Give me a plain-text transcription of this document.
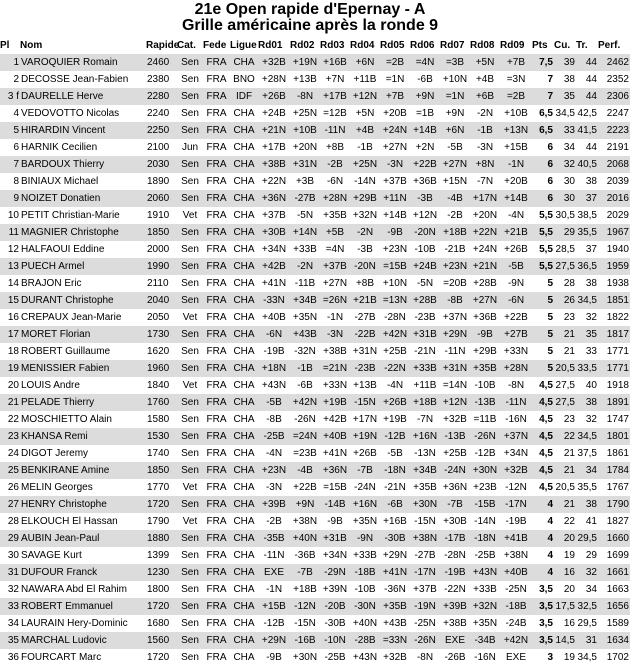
21e Open rapide d'Epernay - A
Grille américaine après la ronde 9
Pl	Nom	Rapide	Cat.	Fede	Ligue	Rd01	Rd02	Rd03	Rd04	Rd05	Rd06	Rd07	Rd08	Rd09	Pts	Cu.	Tr.	Perf.
1	VAROQUIER Romain	2460	Sen	FRA	CHA	+32B	+19N	+16B	+6N	=2B	=4N	=3B	+5N	+7B	7,5	39	44	2462
2	DECOSSE Jean-Fabien	2380	Sen	FRA	BNO	+28N	+13B	+7N	+11B	=1N	-6B	+10N	+4B	=3N	7	38	44	2352
3 f	DAURELLE Herve	2280	Sen	FRA	IDF	+26B	-8N	+17B	+12N	+7B	+9N	=1N	+6B	=2B	7	35	44	2306
4	VEDOVOTTO Nicolas	2240	Sen	FRA	CHA	+24B	+25N	=12B	+5N	+20B	=1B	+9N	-2N	+10B	6,5	34,5	42,5	2247
5	HIRARDIN Vincent	2250	Sen	FRA	CHA	+21N	+10B	-11N	+4B	+24N	+14B	+6N	-1B	+13N	6,5	33	41,5	2223
6	HARNIK Cecilien	2100	Jun	FRA	CHA	+17B	+20N	+8B	-1B	+27N	+2N	-5B	-3N	+15B	6	34	44	2191
7	BARDOUX Thierry	2030	Sen	FRA	CHA	+38B	+31N	-2B	+25N	-3N	+22B	+27N	+8N	-1N	6	32	40,5	2068
8	BINIAUX Michael	1890	Sen	FRA	CHA	+22N	+3B	-6N	-14N	+37B	+36B	+15N	-7N	+20B	6	30	38	2039
9	NOIZET Donatien	2060	Sen	FRA	CHA	+36N	-27B	+28N	+29B	+11N	-3B	-4B	+17N	+14B	6	30	37	2016
10	PETIT Christian-Marie	1910	Vet	FRA	CHA	+37B	-5N	+35B	+32N	+14B	+12N	-2B	+20N	-4N	5,5	30,5	38,5	2029
11	MAGNIER Christophe	1850	Sen	FRA	CHA	+30B	+14N	+5B	-2N	-9B	-20N	+18B	+22N	+21B	5,5	29	35,5	1967
12	HALFAOUI Eddine	2000	Sen	FRA	CHA	+34N	+33B	=4N	-3B	+23N	-10B	-21B	+24N	+26B	5,5	28,5	37	1940
13	PUECH Armel	1990	Sen	FRA	CHA	+42B	-2N	+37B	-20N	=15B	+24B	+23N	+21N	-5B	5,5	27,5	36,5	1959
14	BRAJON Eric	2110	Sen	FRA	CHA	+41N	-11B	+27N	+8B	+10N	-5N	=20B	+28B	-9N	5	28	38	1938
15	DURANT Christophe	2040	Sen	FRA	CHA	-33N	+34B	=26N	+21B	=13N	+28B	-8B	+27N	-6N	5	26	34,5	1851
16	CREPAUX Jean-Marie	2050	Vet	FRA	CHA	+40B	+35N	-1N	-27B	-28N	-23B	+37N	+36B	+22B	5	23	32	1822
17	MORET Florian	1730	Sen	FRA	CHA	-6N	+43B	-3N	-22B	+42N	+31B	+29N	-9B	+27B	5	21	35	1817
18	ROBERT Guillaume	1620	Sen	FRA	CHA	-19B	-32N	+38B	+31N	+25B	-21N	-11N	+29B	+33N	5	21	33	1771
19	MENISSIER Fabien	1960	Sen	FRA	CHA	+18N	-1B	=21N	-23B	-22N	+33B	+31N	+35B	+28N	5	20,5	33,5	1771
20	LOUIS Andre	1840	Vet	FRA	CHA	+43N	-6B	+33N	+13B	-4N	+11B	=14N	-10B	-8N	4,5	27,5	40	1918
21	PELADE Thierry	1760	Sen	FRA	CHA	-5B	+42N	+19B	-15N	+26B	+18B	+12N	-13B	-11N	4,5	27,5	38	1891
22	MOSCHIETTO Alain	1580	Sen	FRA	CHA	-8B	-26N	+42B	+17N	+19B	-7N	+32B	=11B	-16N	4,5	23	32	1747
23	KHANSA Remi	1530	Sen	FRA	CHA	-25B	=24N	+40B	+19N	-12B	+16N	-13B	-26N	+37N	4,5	22	34,5	1801
24	DIGOT Jeremy	1740	Sen	FRA	CHA	-4N	=23B	+41N	+26B	-5B	-13N	+25B	-12B	+34N	4,5	21	37,5	1861
25	BENKIRANE Amine	1850	Sen	FRA	CHA	+23N	-4B	+36N	-7B	-18N	+34B	-24N	+30N	+32B	4,5	21	34	1784
26	MELIN Georges	1770	Vet	FRA	CHA	-3N	+22B	=15B	-24N	-21N	+35B	+36N	+23B	-12N	4,5	20,5	35,5	1767
27	HENRY Christophe	1720	Sen	FRA	CHA	+39B	+9N	-14B	+16N	-6B	+30N	-7B	-15B	-17N	4	21	38	1790
28	ELKOUCH El Hassan	1790	Vet	FRA	CHA	-2B	+38N	-9B	+35N	+16B	-15N	+30B	-14N	-19B	4	22	41	1827
29	AUBIN Jean-Paul	1880	Sen	FRA	CHA	-35B	+40N	+31B	-9N	-30B	+38N	-17B	-18N	+41B	4	20	29,5	1660
30	SAVAGE Kurt	1399	Sen	FRA	CHA	-11N	-36B	+34N	+33B	+29N	-27B	-28N	-25B	+38N	4	19	29	1699
31	DUFOUR Franck	1230	Sen	FRA	CHA	EXE	-7B	-29N	-18B	+41N	-17N	-19B	+43N	+40B	4	16	32	1661
32	NAWARA Abd El Rahim	1800	Sen	FRA	CHA	-1N	+18B	+39N	-10B	-36N	+37B	-22N	+33B	-25N	3,5	20	34	1663
33	ROBERT Emmanuel	1720	Sen	FRA	CHA	+15B	-12N	-20B	-30N	+35B	-19N	+39B	+32N	-18B	3,5	17,5	32,5	1656
34	LAURAIN Hery-Dominic	1680	Sen	FRA	CHA	-12B	-15N	-30B	+40N	+43B	-25N	+38B	+35N	-24B	3,5	16	29,5	1589
35	MARCHAL Ludovic	1560	Sen	FRA	CHA	+29N	-16B	-10N	-28B	=33N	-26N	EXE	-34B	+42N	3,5	14,5	31	1634
36	FOURCART Marc	1720	Sen	FRA	CHA	-9B	+30N	-25B	+43N	+32B	-8N	-26B	-16N	EXE	3	19	34,5	1702
